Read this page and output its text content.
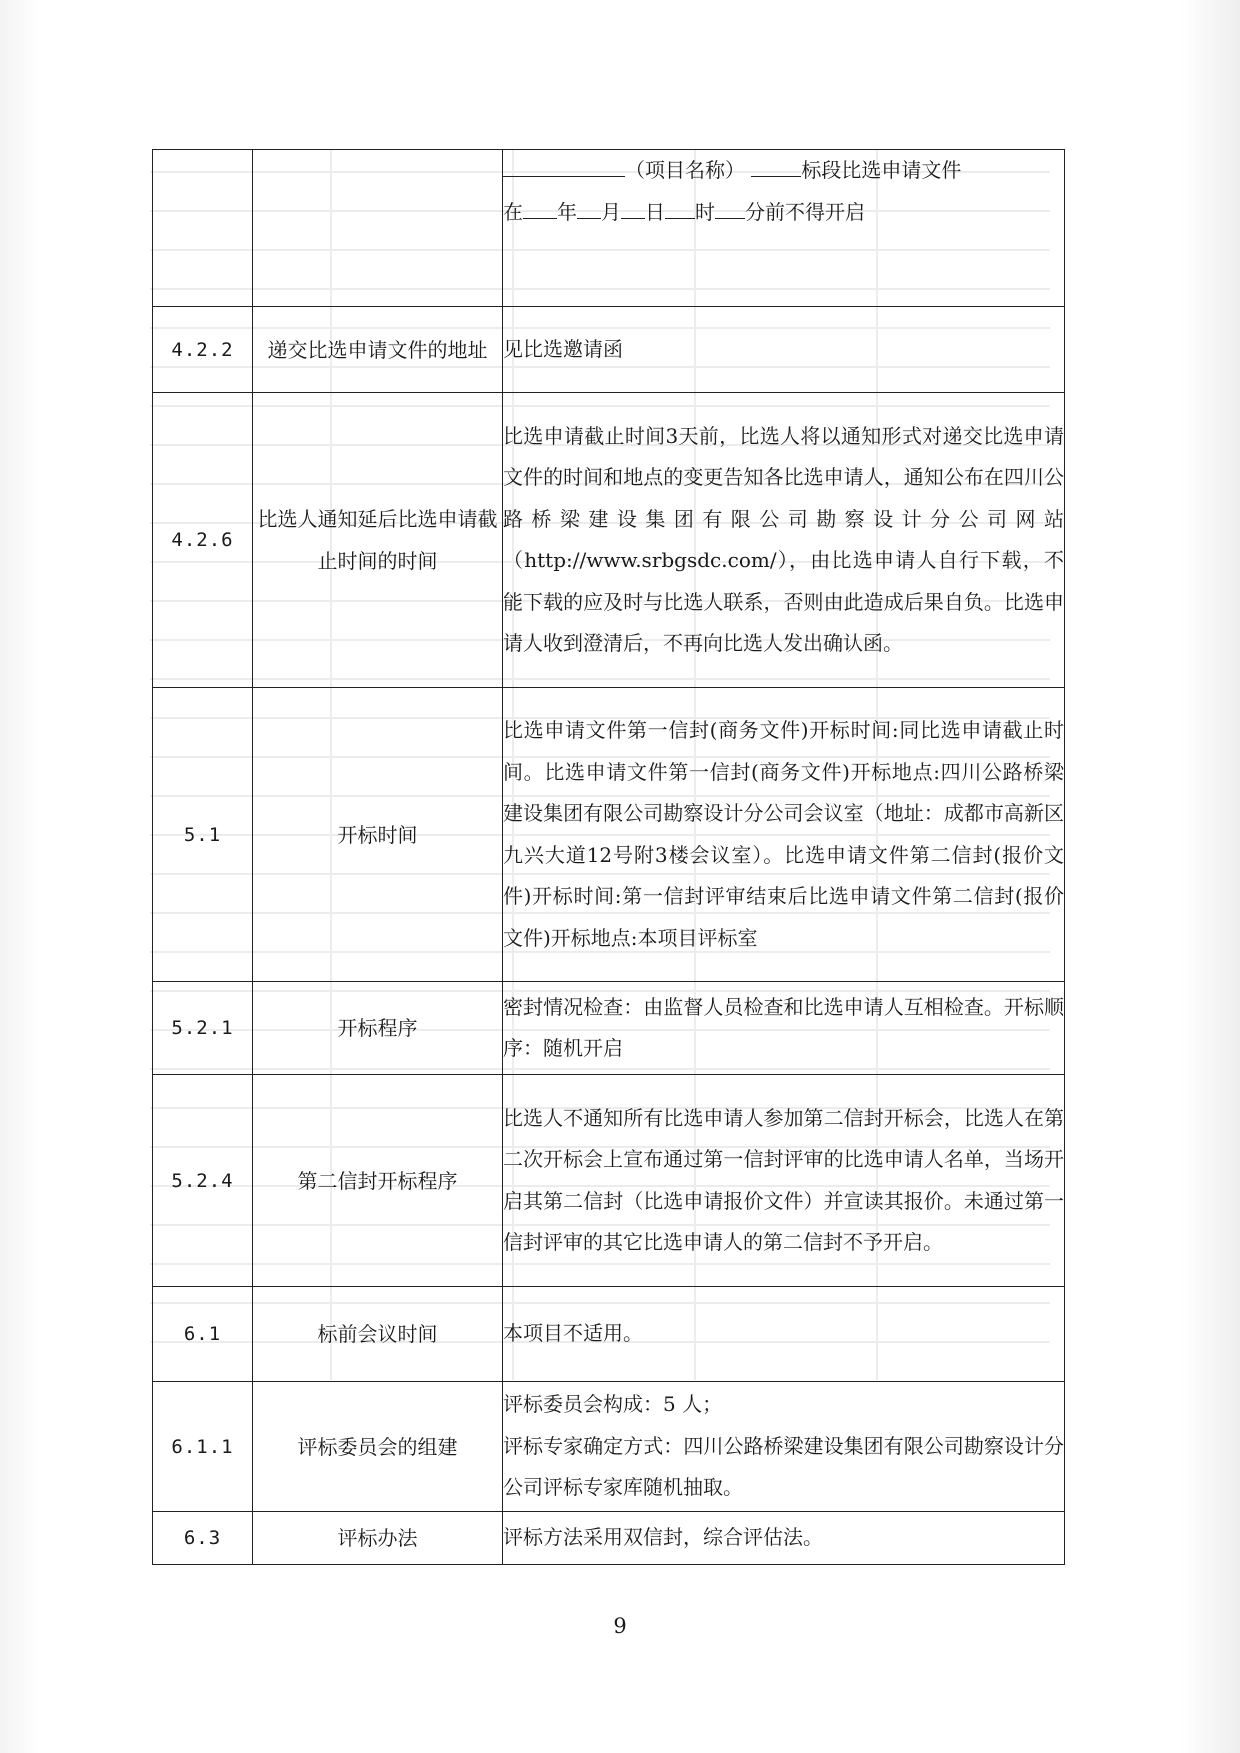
		（项目名称） 标段比选申请文件
在 年 月 日 时 分前不得开启

4.2.2	递交比选申请文件的地址	见比选邀请函
4.2.6	比选人通知延后比选申请截止时间的时间	比选申请截止时间3天前，比选人将以通知形式对递交比选申请文件的时间和地点的变更告知各比选申请人，通知公布在四川公路桥梁建设集团有限公司勘察设计分公司网站（http://www.srbgsdc.com/），由比选申请人自行下载，不能下载的应及时与比选人联系，否则由此造成后果自负。比选申请人收到澄清后，不再向比选人发出确认函。
5.1	开标时间	比选申请文件第一信封(商务文件)开标时间:同比选申请截止时间。比选申请文件第一信封(商务文件)开标地点:四川公路桥梁建设集团有限公司勘察设计分公司会议室（地址：成都市高新区九兴大道12号附3楼会议室）。比选申请文件第二信封(报价文件)开标时间:第一信封评审结束后比选申请文件第二信封(报价文件)开标地点:本项目评标室
5.2.1	开标程序	密封情况检查：由监督人员检查和比选申请人互相检查。开标顺序：随机开启
5.2.4	第二信封开标程序	比选人不通知所有比选申请人参加第二信封开标会，比选人在第二次开标会上宣布通过第一信封评审的比选申请人名单，当场开启其第二信封（比选申请报价文件）并宣读其报价。未通过第一信封评审的其它比选申请人的第二信封不予开启。
6.1	标前会议时间	本项目不适用。
6.1.1	评标委员会的组建	评标委员会构成：5 人；
评标专家确定方式：四川公路桥梁建设集团有限公司勘察设计分公司评标专家库随机抽取。

6.3	评标办法	评标方法采用双信封，综合评估法。
9
